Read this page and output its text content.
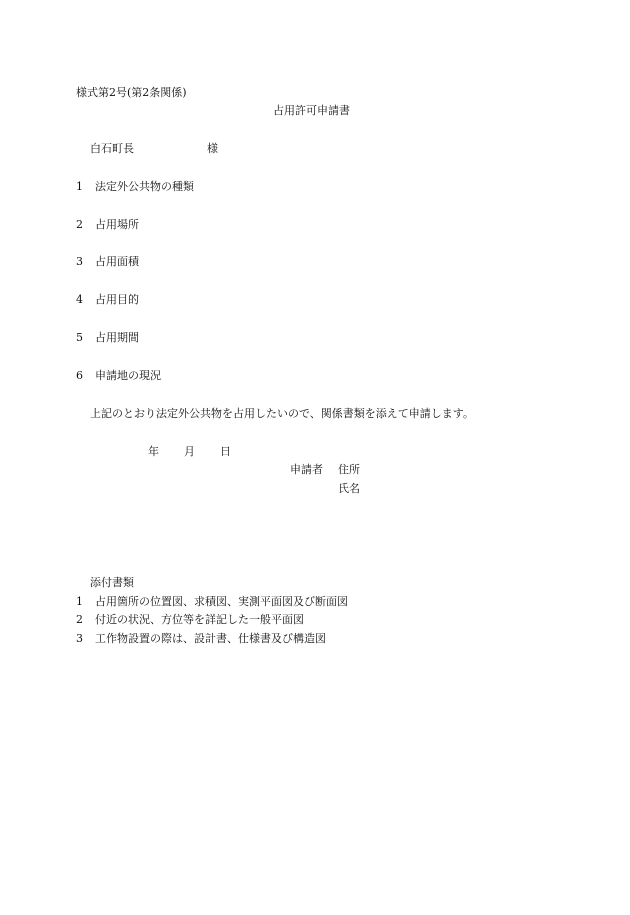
様式第2号(第2条関係)
占用許可申請書
白石町長	様
1 法定外公共物の種類
2 占用場所
3 占用面積
4 占用目的
5 占用期間
6 申請地の現況
上記のとおり法定外公共物を占用したいので、関係書類を添えて申請します。
年 月 日
申請者 住所
氏名
添付書類
1 占用箇所の位置図、求積図、実測平面図及び断面図
2 付近の状況、方位等を詳記した一般平面図
3 工作物設置の際は、設計書、仕様書及び構造図
